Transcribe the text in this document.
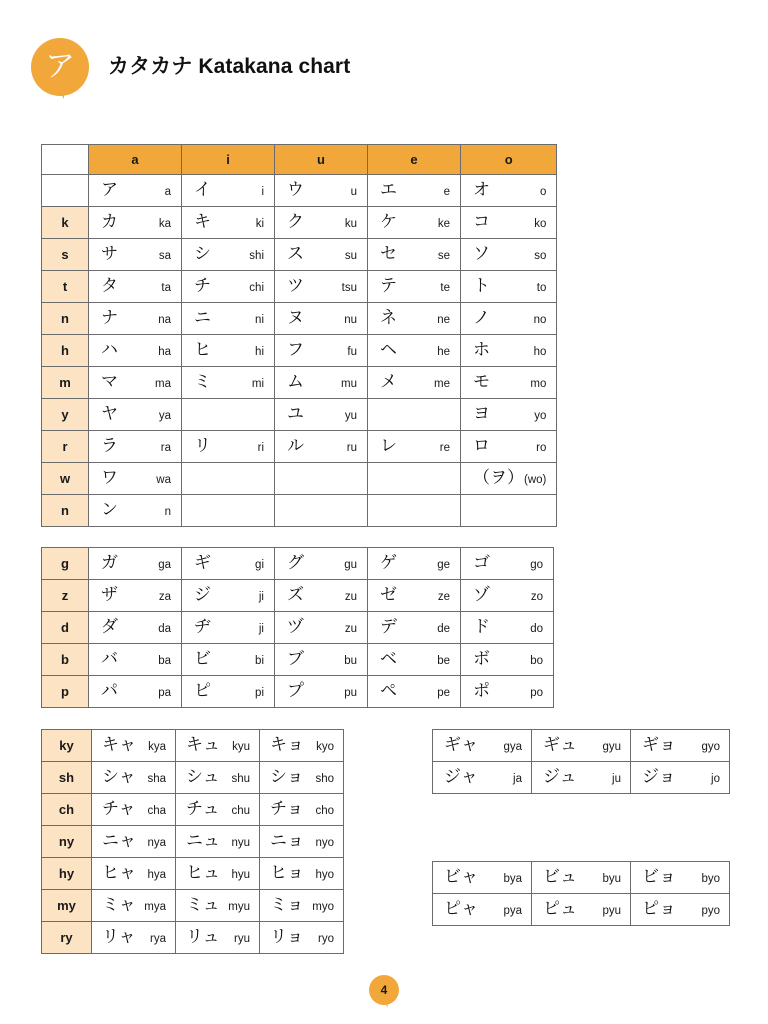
ア	カタカナ Katakana chart
	a	i	u	e	o

	ア a	イ i	ウ u	エ e	オ o

k	カ ka	キ ki	ク ku	ケ ke	コ ko

s	サ sa	シ shi	ス su	セ se	ソ so

t	タ ta	チ chi	ツ tsu	テ te	ト to

n	ナ na	ニ ni	ヌ nu	ネ ne	ノ no

h	ハ ha	ヒ hi	フ fu	ヘ he	ホ ho

m	マ ma	ミ mi	ム mu	メ me	モ mo

y	ヤ ya		ユ yu		ヨ yo

r	ラ ra	リ ri	ル ru	レ re	ロ ro

w	ワ wa				（ヲ） (wo)

n	ン n				

g	ガ ga	ギ gi	グ gu	ゲ ge	ゴ go

z	ザ za	ジ ji	ズ zu	ゼ ze	ゾ zo

d	ダ da	ヂ ji	ヅ zu	デ de	ド do

b	バ ba	ビ bi	ブ bu	ベ be	ボ bo

p	パ pa	ピ pi	プ pu	ペ pe	ポ po
ky	キャ kya	キュ kyu	キョ kyo

sh	シャ sha	シュ shu	ショ sho

ch	チャ cha	チュ chu	チョ cho

ny	ニャ nya	ニュ nyu	ニョ nyo

hy	ヒャ hya	ヒュ hyu	ヒョ hyo

my	ミャ mya	ミュ myu	ミョ myo

ry	リャ rya	リュ ryu	リョ ryo
ギャ gya	ギュ gyu	ギョ gyo

ジャ ja	ジュ ju	ジョ jo
ビャ bya	ビュ byu	ビョ byo

ピャ pya	ピュ pyu	ピョ pyo
4
